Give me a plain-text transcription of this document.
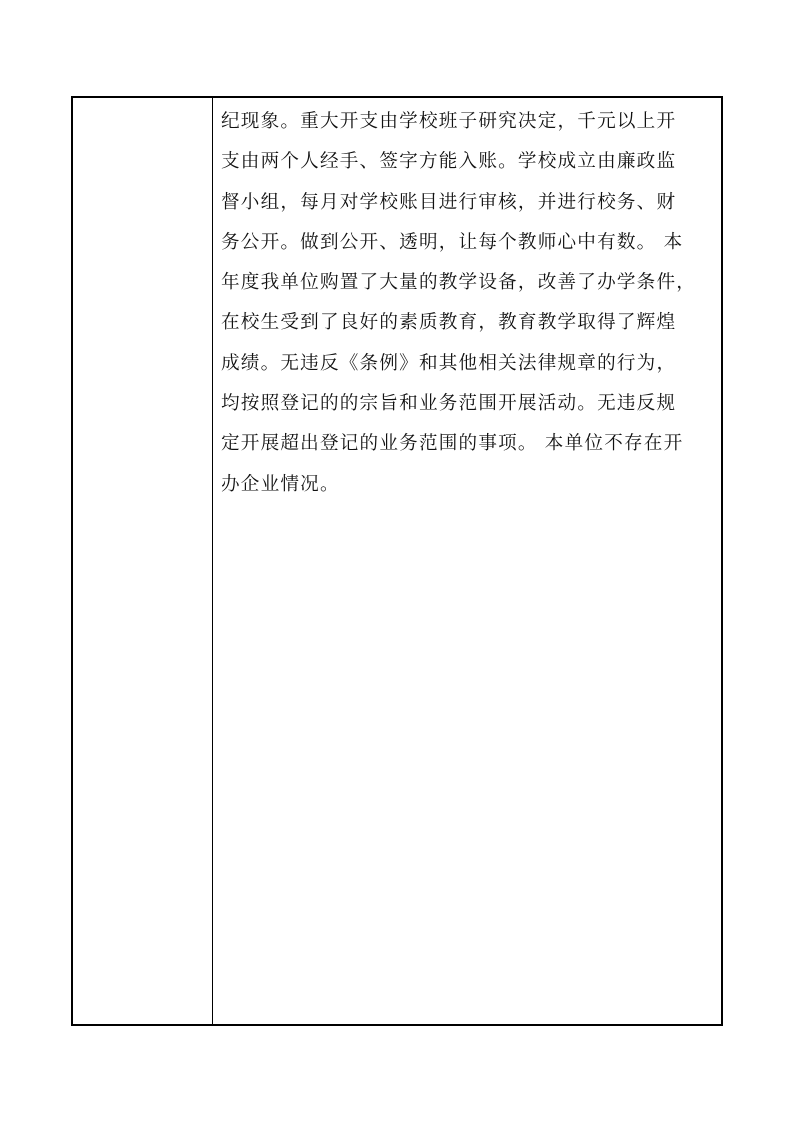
纪现象。重大开支由学校班子研究决定，千元以上开
支由两个人经手、签字方能入账。学校成立由廉政监
督小组，每月对学校账目进行审核，并进行校务、财
务公开。做到公开、透明，让每个教师心中有数。 本
年度我单位购置了大量的教学设备，改善了办学条件，
在校生受到了良好的素质教育，教育教学取得了辉煌
成绩。无违反《条例》和其他相关法律规章的行为，
均按照登记的的宗旨和业务范围开展活动。无违反规
定开展超出登记的业务范围的事项。 本单位不存在开
办企业情况。
